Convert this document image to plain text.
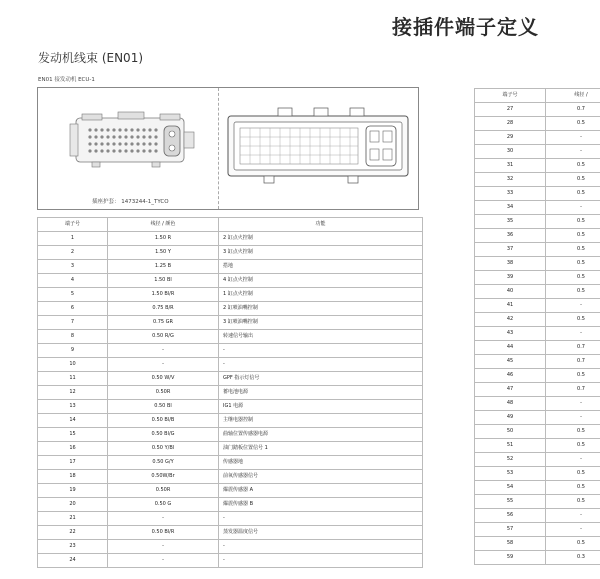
接插件端子定义
发动机线束 (EN01)
EN01 接发动机 ECU-1
插座护套： 1473244-1_TYCO
端子号	线径 / 颜色	功能
1	1.50 R	2 缸点火控制
2	1.50 Y	3 缸点火控制
3	1.25 B	搭地
4	1.50 Bl	4 缸点火控制
5	1.50 Bl/R	1 缸点火控制
6	0.75 B/R	2 缸喷油嘴控制
7	0.75 GR	3 缸喷油嘴控制
8	0.50 R/G	转速信号输出
9	-	-
10	-	-
11	0.50 W/V	GPF 指示灯信号
12	0.50R	蓄电池电源
13	0.50 Bl	IG1 电源
14	0.50 Bl/B	主继电器控制
15	0.50 Bl/G	曲轴位置传感器电源
16	0.50 Y/Bl	油门踏板位置信号 1
17	0.50 G/Y	传感器地
18	0.50W/Br	前氧传感器信号
19	0.50R	爆震传感器 A
20	0.50 G	爆震传感器 B
21	-	-
22	0.50 Bl/R	蒸发器温度信号
23	-	-
24	-	-
端子号	线径 /
27	0.7
28	0.5
29	-
30	-
31	0.5
32	0.5
33	0.5
34	-
35	0.5
36	0.5
37	0.5
38	0.5
39	0.5
40	0.5
41	-
42	0.5
43	-
44	0.7
45	0.7
46	0.5
47	0.7
48	-
49	-
50	0.5
51	0.5
52	-
53	0.5
54	0.5
55	0.5
56	-
57	-
58	0.5
59	0.3
